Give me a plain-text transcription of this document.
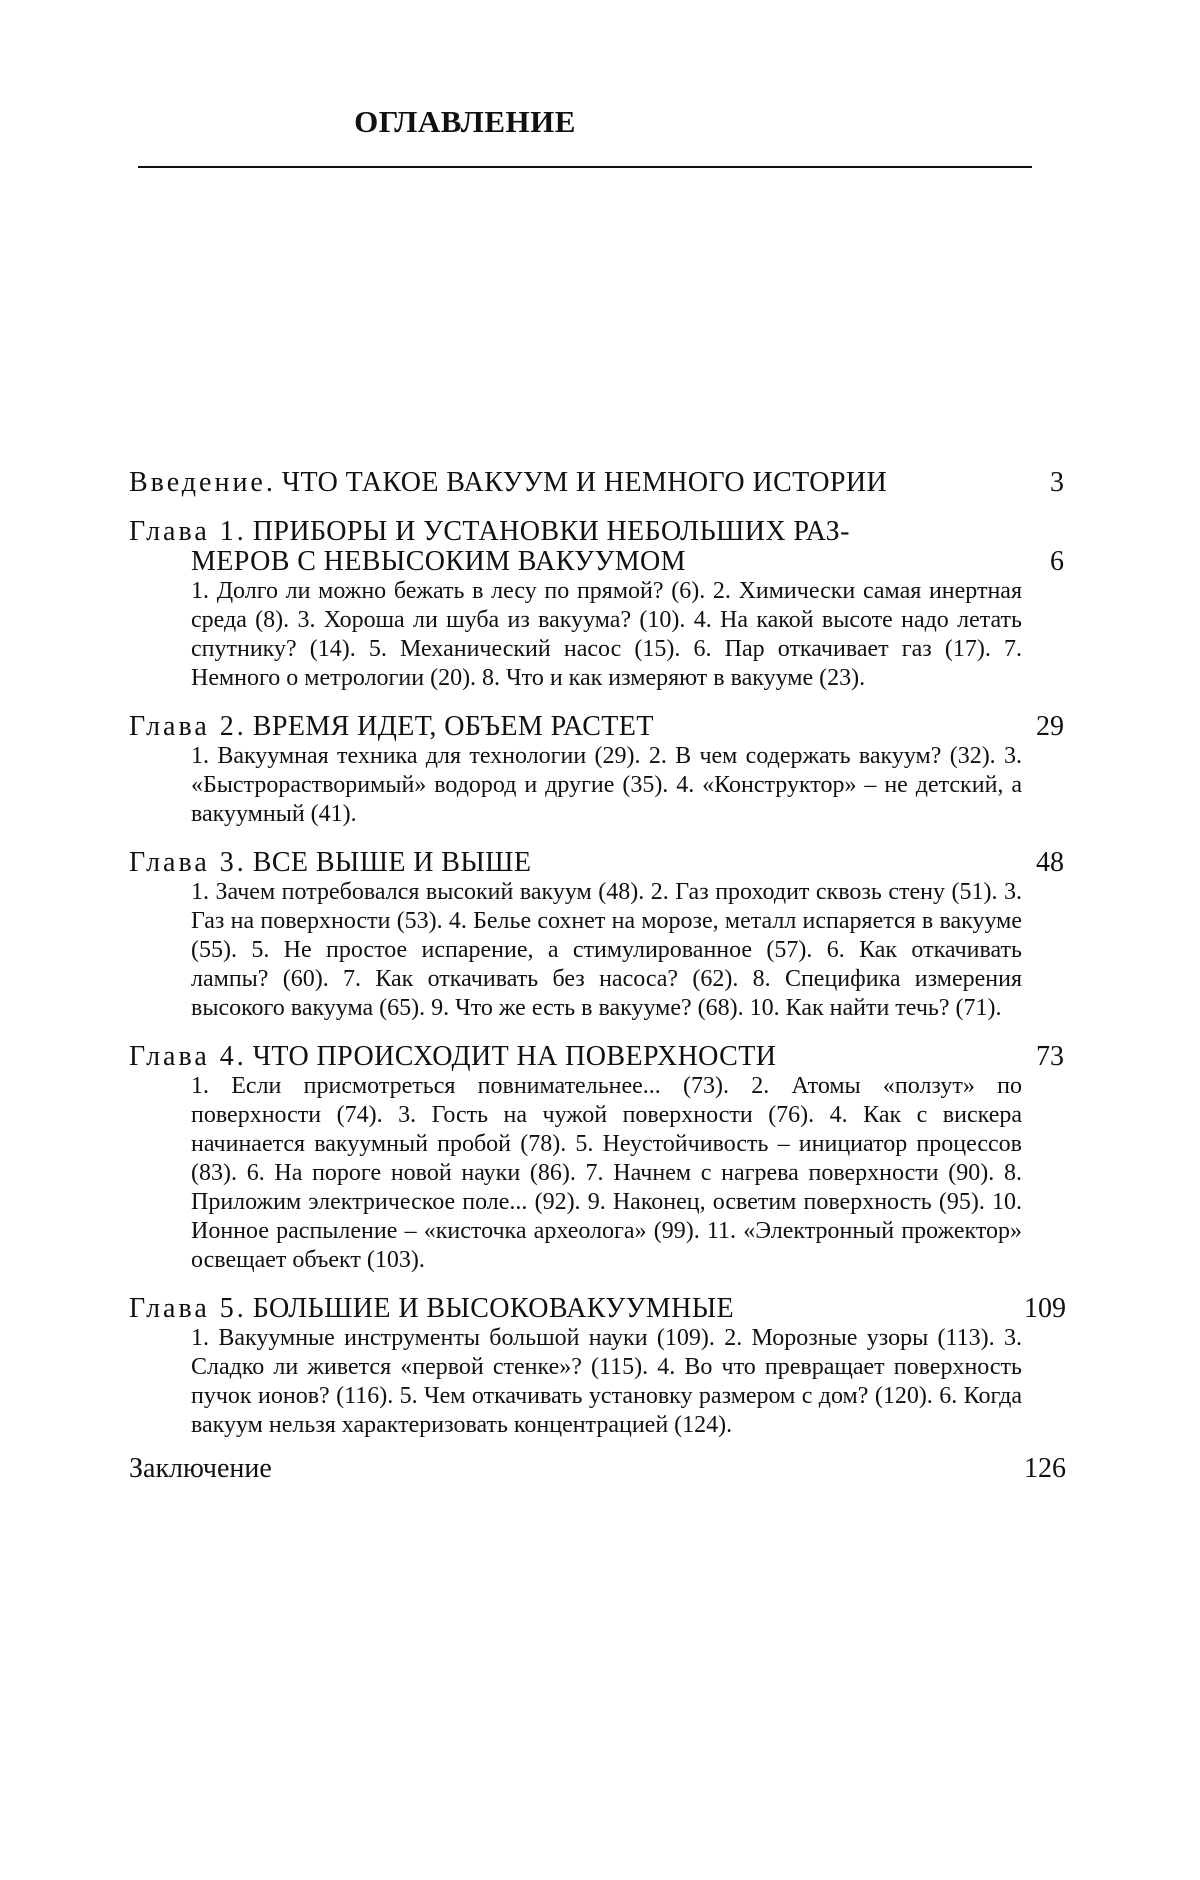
ОГЛАВЛЕНИЕ
Введение. ЧТО ТАКОЕ ВАКУУМ И НЕМНОГО ИСТОРИИ	3
Глава 1. ПРИБОРЫ И УСТАНОВКИ НЕБОЛЬШИХ РАЗ-
МЕРОВ С НЕВЫСОКИМ ВАКУУМОМ	6
1. Долго ли можно бежать в лесу по прямой? (6). 2. Химически самая инертная среда (8). 3. Хороша ли шуба из вакуума? (10). 4. На какой высоте надо летать спутнику? (14). 5. Механический насос (15). 6. Пар откачивает газ (17). 7. Немного о метрологии (20). 8. Что и как измеряют в вакууме (23).
Глава 2. ВРЕМЯ ИДЕТ, ОБЪЕМ РАСТЕТ	29
1. Вакуумная техника для технологии (29). 2. В чем содержать вакуум? (32). 3. «Быстрорастворимый» водород и другие (35). 4. «Конструктор» – не детский, а вакуумный (41).
Глава 3. ВСЕ ВЫШЕ И ВЫШЕ	48
1. Зачем потребовался высокий вакуум (48). 2. Газ проходит сквозь стену (51). 3. Газ на поверхности (53). 4. Белье сохнет на морозе, металл испаряется в вакууме (55). 5. Не простое испарение, а стимулированное (57). 6. Как откачивать лампы? (60). 7. Как откачивать без насоса? (62). 8. Специфика измерения высокого вакуума (65). 9. Что же есть в вакууме? (68). 10. Как найти течь? (71).
Глава 4. ЧТО ПРОИСХОДИТ НА ПОВЕРХНОСТИ	73
1. Если присмотреться повнимательнее... (73). 2. Атомы «ползут» по поверхности (74). 3. Гость на чужой поверхности (76). 4. Как с вискера начинается вакуумный пробой (78). 5. Неустойчивость – инициатор процессов (83). 6. На пороге новой науки (86). 7. Начнем с нагрева поверхности (90). 8. Приложим электрическое поле... (92). 9. Наконец, осветим поверхность (95). 10. Ионное распыление – «кисточка археолога» (99). 11. «Электронный прожектор» освещает объект (103).
Глава 5. БОЛЬШИЕ И ВЫСОКОВАКУУМНЫЕ	109
1. Вакуумные инструменты большой науки (109). 2. Морозные узоры (113). 3. Сладко ли живется «первой стенке»? (115). 4. Во что превращает поверхность пучок ионов? (116). 5. Чем откачивать установку размером с дом? (120). 6. Когда вакуум нельзя характеризовать концентрацией (124).
Заключение	126
